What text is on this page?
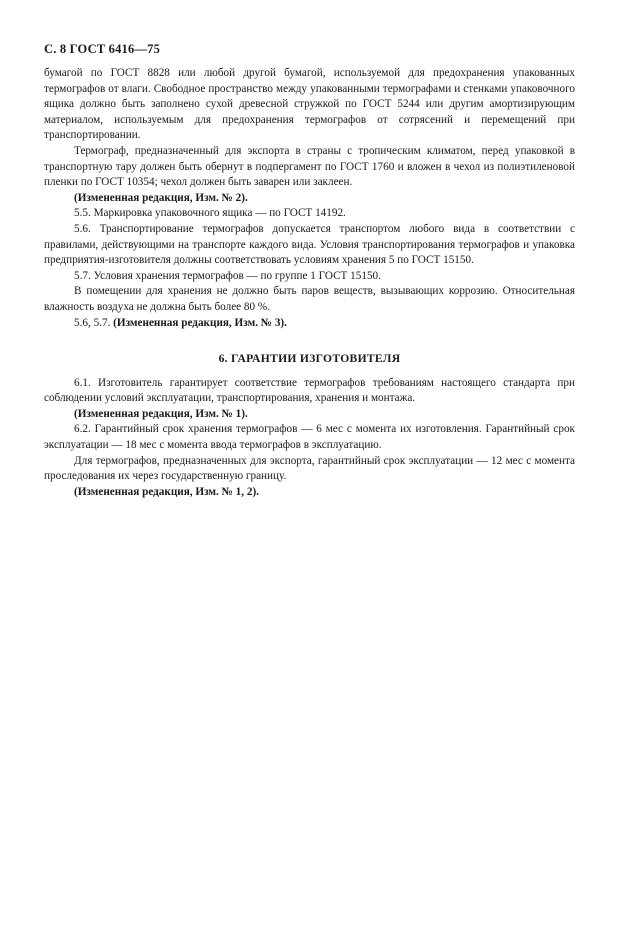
С. 8 ГОСТ 6416—75

бумагой по ГОСТ 8828 или любой другой бумагой, используемой для предохранения упакованных термографов от влаги. Свободное пространство между упакованными термографами и стенками упаковочного ящика должно быть заполнено сухой древесной стружкой по ГОСТ 5244 или другим амортизирующим материалом, используемым для предохранения термографов от сотрясений и перемещений при транспортировании.

Термограф, предназначенный для экспорта в страны с тропическим климатом, перед упаковкой в транспортную тару должен быть обернут в подпергамент по ГОСТ 1760 и вложен в чехол из полиэтиленовой пленки по ГОСТ 10354; чехол должен быть заварен или заклеен.

(Измененная редакция, Изм. № 2).

5.5. Маркировка упаковочного ящика — по ГОСТ 14192.

5.6. Транспортирование термографов допускается транспортом любого вида в соответствии с правилами, действующими на транспорте каждого вида. Условия транспортирования термографов и упаковка предприятия-изготовителя должны соответствовать условиям хранения 5 по ГОСТ 15150.

5.7. Условия хранения термографов — по группе 1 ГОСТ 15150.

В помещении для хранения не должно быть паров веществ, вызывающих коррозию. Относительная влажность воздуха не должна быть более 80 %.

5.6, 5.7. (Измененная редакция, Изм. № 3).

6. ГАРАНТИИ ИЗГОТОВИТЕЛЯ

6.1. Изготовитель гарантирует соответствие термографов требованиям настоящего стандарта при соблюдении условий эксплуатации, транспортирования, хранения и монтажа.

(Измененная редакция, Изм. № 1).

6.2. Гарантийный срок хранения термографов — 6 мес с момента их изготовления. Гарантийный срок эксплуатации — 18 мес с момента ввода термографов в эксплуатацию.

Для термографов, предназначенных для экспорта, гарантийный срок эксплуатации — 12 мес с момента проследования их через государственную границу.

(Измененная редакция, Изм. № 1, 2).
